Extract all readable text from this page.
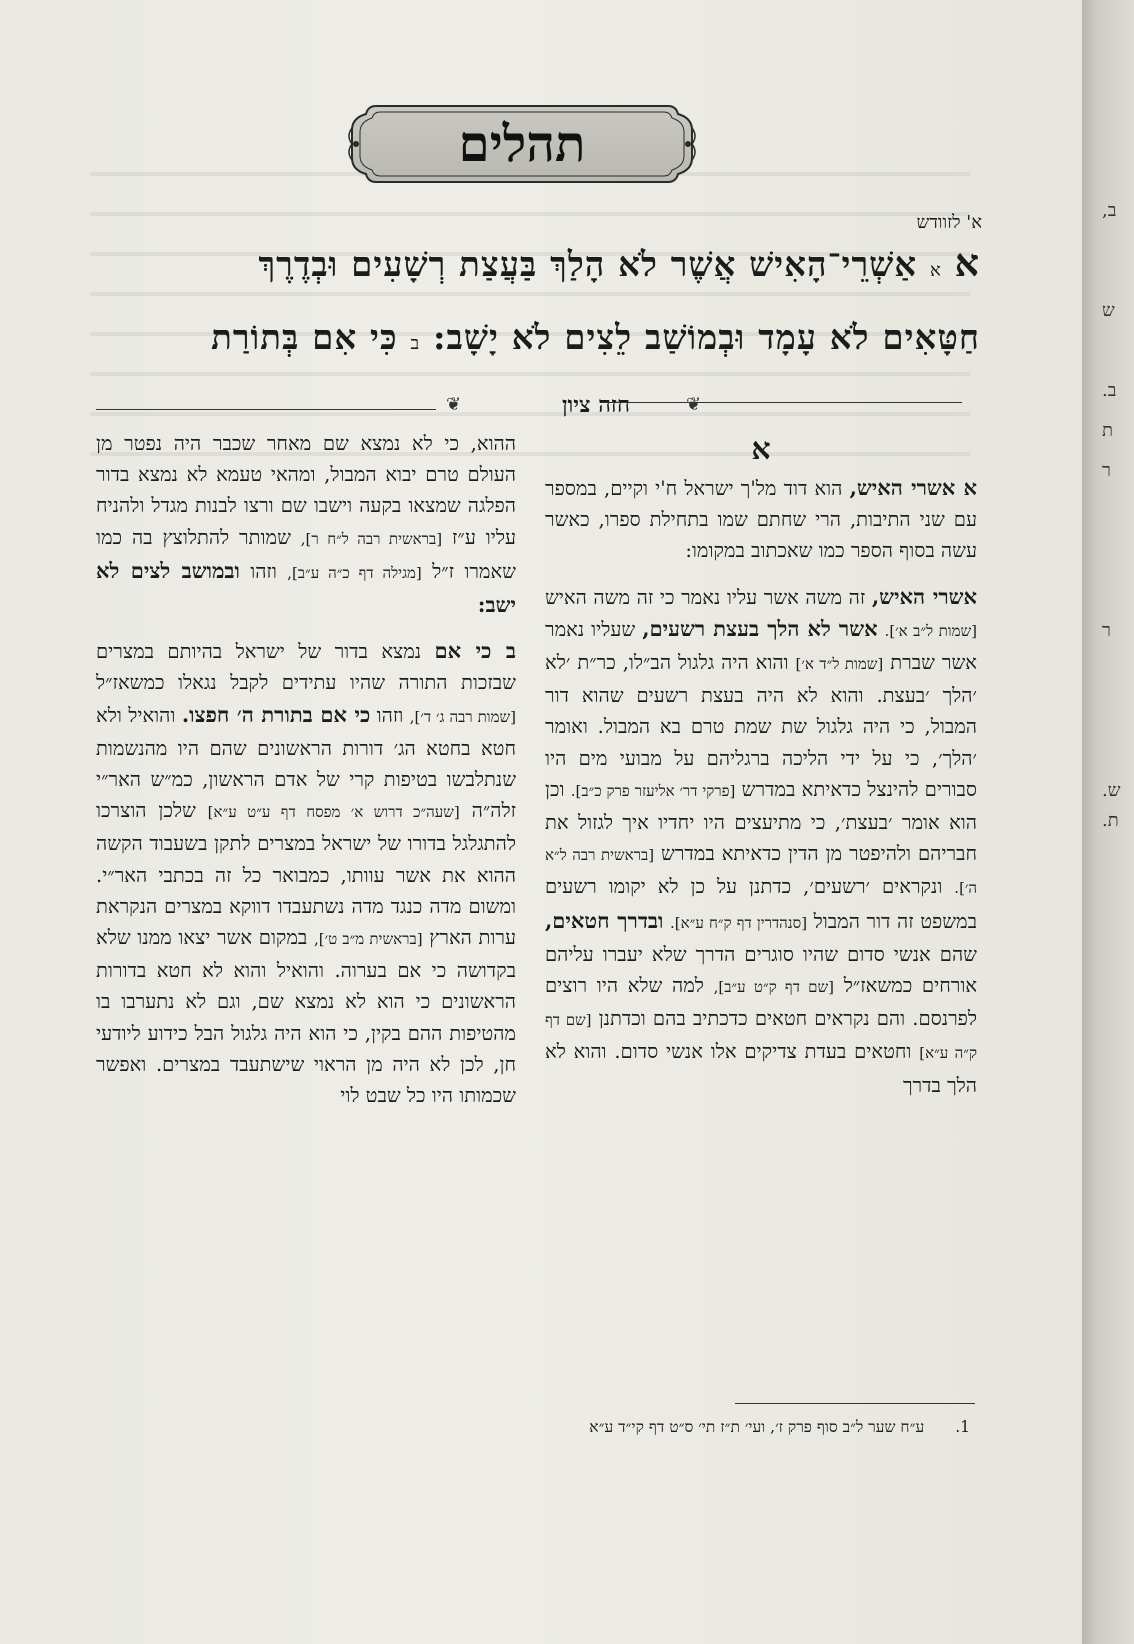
תהלים
א' לזוודש
א א אַשְׁרֵי־הָאִישׁ אֲשֶׁר לֹא הָלַךְ בַּעֲצַת רְשָׁעִים וּבְדֶרֶךְ
חַטָּאִים לֹא עָמָד וּבְמוֹשַׁב לֵצִים לֹא יָשָׁב: ב כִּי אִם בְּתוֹרַת
❦	חזה ציון	❦
א

א אשרי האיש, הוא דוד מל'ך ישראל ח'י וקיים, במספר עם שני התיבות, הרי שחתם שמו בתחילת ספרו, כאשר עשה בסוף הספר כמו שאכתוב במקומו:

אשרי האיש, זה משה אשר עליו נאמר כי זה משה האיש [שמות ל״ב א׳]. אשר לא הלך בעצת רשעים, שעליו נאמר אשר שברת [שמות ל״ד א׳] והוא היה גלגול הב״לו, כר״ת ׳לא ׳הלך ׳בעצת. והוא לא היה בעצת רשעים שהוא דור המבול, כי היה גלגול שת שמת טרם בא המבול. ואומר ׳הלך׳, כי על ידי הליכה ברגליהם על מבועי מים היו סבורים להינצל כדאיתא במדרש [פרקי דר׳ אליעזר פרק כ״ב]. וכן הוא אומר ׳בעצת׳, כי מתיעצים היו יחדיו איך לגזול את חבריהם ולהיפטר מן הדין כדאיתא במדרש [בראשית רבה ל״א ה׳]. ונקראים ׳רשעים׳, כדתנן על כן לא יקומו רשעים במשפט זה דור המבול [סנהדרין דף ק״ח ע״א]. ובדרך חטאים, שהם אנשי סדום שהיו סוגרים הדרך שלא יעברו עליהם אורחים כמשאז״ל [שם דף ק״ט ע״ב], למה שלא היו רוצים לפרנסם. והם נקראים חטאים כדכתיב בהם וכדתנן [שם דף ק״ה ע״א] וחטאים בעדת צדיקים אלו אנשי סדום. והוא לא הלך בדרך

ההוא, כי לא נמצא שם מאחר שכבר היה נפטר מן העולם טרם יבוא המבול, ומהאי טעמא לא נמצא בדור הפלגה שמצאו בקעה וישבו שם ורצו לבנות מגדל ולהניח עליו ע״ז [בראשית רבה ל״ח ר], שמותר להתלוצץ בה כמו שאמרו ז״ל [מגילה דף כ״ה ע״ב], וזהו ובמושב לצים לא ישב:

ב כי אם נמצא בדור של ישראל בהיותם במצרים שבזכות התורה שהיו עתידים לקבל נגאלו כמשאז״ל [שמות רבה ג׳ ד׳], וזהו כי אם בתורת ה׳ חפצו. והואיל ולא חטא בחטא הג׳ דורות הראשונים שהם היו מהנשמות שנתלבשו בטיפות קרי של אדם הראשון, כמ״ש האר״י זלה״ה [שעה״כ דרוש א׳ מפסח דף ע״ט ע״א] שלכן הוצרכו להתגלגל בדורו של ישראל במצרים לתקן בשעבוד הקשה ההוא את אשר עוותו, כמבואר כל זה בכתבי האר״י. ומשום מדה כנגד מדה נשתעבדו דווקא במצרים הנקראת ערות הארץ [בראשית מ״ב ט׳], במקום אשר יצאו ממנו שלא בקדושה כי אם בערוה. והואיל והוא לא חטא בדורות הראשונים כי הוא לא נמצא שם, וגם לא נתערבו בו מהטיפות ההם בקין, כי הוא היה גלגול הבל כידוע ליודעי חן, לכן לא היה מן הראוי שישתעבד במצרים. ואפשר שכמותו היו כל שבט לוי

1. ע״ח שער ל״ב סוף פרק ז׳, ועי׳ ת״ז תי׳ ס״ט דף קי״ד ע״א
ב,
ש
ב.
ת
ר
ר
ש.
ת.
